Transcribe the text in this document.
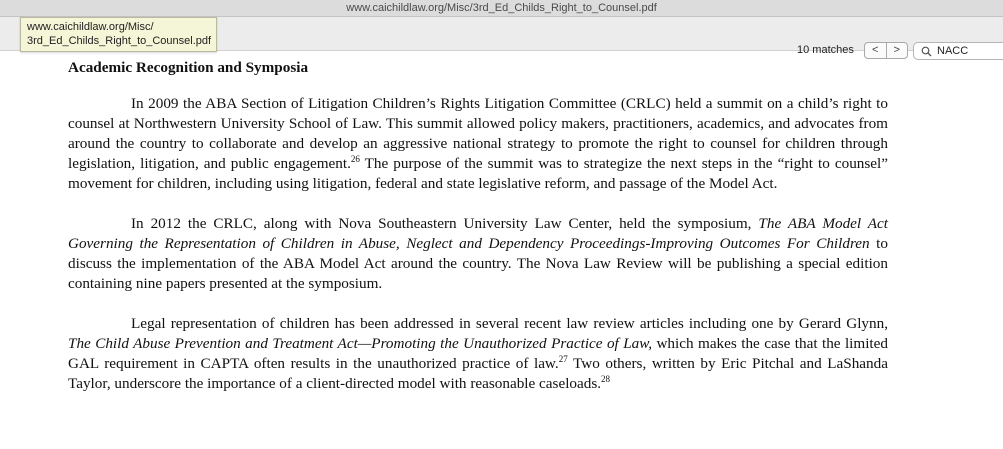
www.caichildlaw.org/Misc/3rd_Ed_Childs_Right_to_Counsel.pdf
10 matches	<	>
NACC
www.caichildlaw.org/Misc/
3rd_Ed_Childs_Right_to_Counsel.pdf
Academic Recognition and Symposia

In 2009 the ABA Section of Litigation Children’s Rights Litigation Committee (CRLC) held a summit on a child’s right to counsel at Northwestern University School of Law. This summit allowed policy makers, practitioners, academics, and advocates from around the country to collaborate and develop an aggressive national strategy to promote the right to counsel for children through legislation, litigation, and public engagement.$^{26}$ The purpose of the summit was to strategize the next steps in the “right to counsel” movement for children, including using litigation, federal and state legislative reform, and passage of the Model Act.

In 2012 the CRLC, along with Nova Southeastern University Law Center, held the symposium, The ABA Model Act Governing the Representation of Children in Abuse, Neglect and Dependency Proceedings-Improving Outcomes For Children to discuss the implementation of the ABA Model Act around the country. The Nova Law Review will be publishing a special edition containing nine papers presented at the symposium.

Legal representation of children has been addressed in several recent law review articles including one by Gerard Glynn, The Child Abuse Prevention and Treatment Act—Promoting the Unauthorized Practice of Law, which makes the case that the limited GAL requirement in CAPTA often results in the unauthorized practice of law.$^{27}$ Two others, written by Eric Pitchal and LaShanda Taylor, underscore the importance of a client-directed model with reasonable caseloads.$^{28}$
